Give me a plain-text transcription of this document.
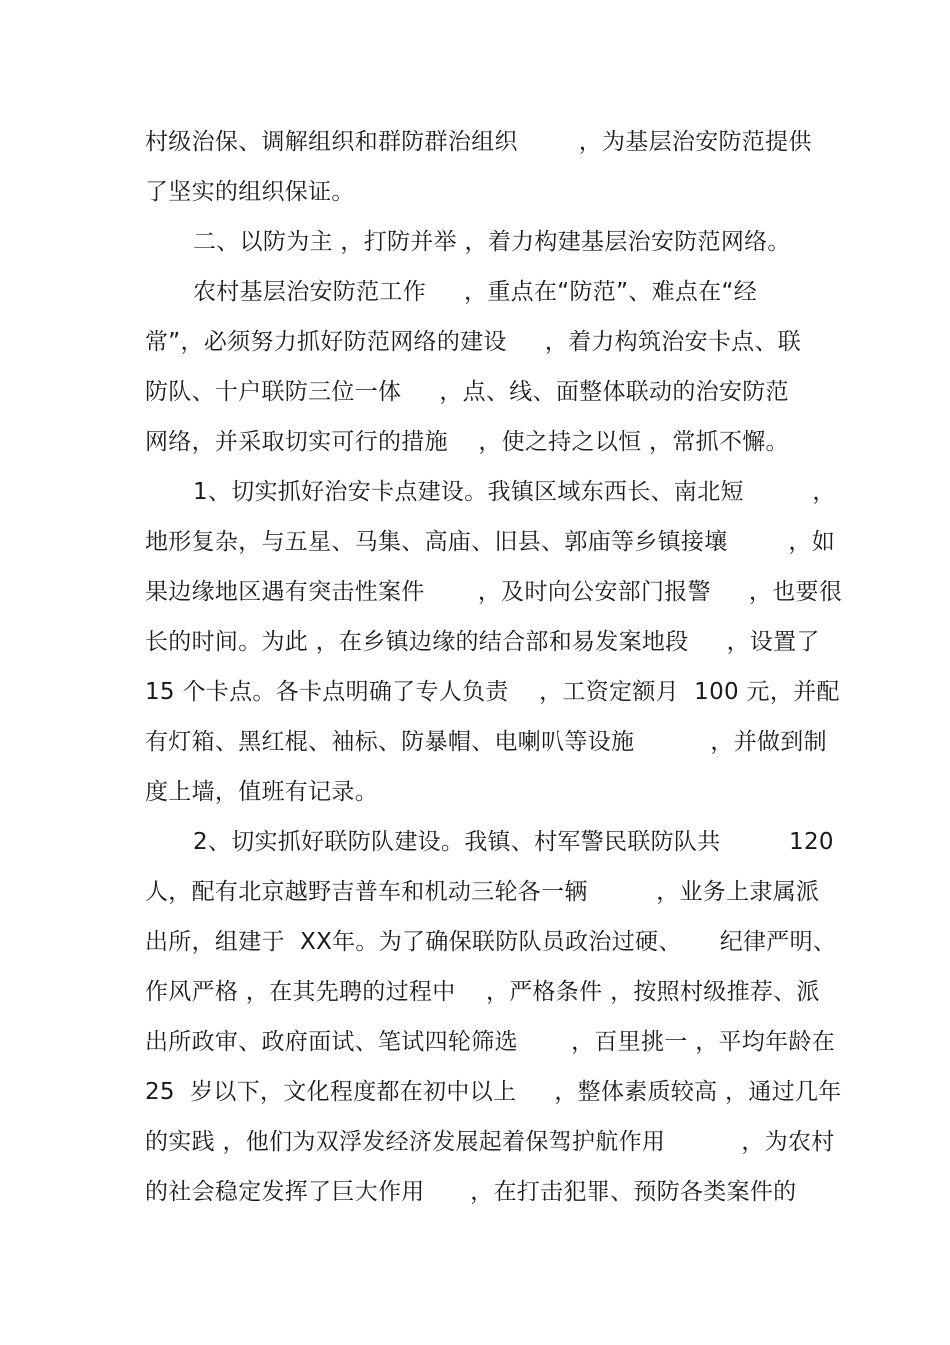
村级治保、调解组织和群防群治组织        ，为基层治安防范提供
了坚实的组织保证。
二、以防为主 ，打防并举 ，着力构建基层治安防范网络。
农村基层治安防范工作     ，重点在“防范”、难点在“经
常”，必须努力抓好防范网络的建设     ，着力构筑治安卡点、联
防队、十户联防三位一体     ，点、线、面整体联动的治安防范
网络，并采取切实可行的措施    ，使之持之以恒 ，常抓不懈。
1、切实抓好治安卡点建设。我镇区域东西长、南北短         ，
地形复杂，与五星、马集、高庙、旧县、郭庙等乡镇接壤        ，如
果边缘地区遇有突击性案件       ，及时向公安部门报警     ，也要很
长的时间。为此 ，在乡镇边缘的结合部和易发案地段     ，设置了
15 个卡点。各卡点明确了专人负责    ，工资定额月  100 元，并配
有灯箱、黑红棍、袖标、防暴帽、电喇叭等设施          ，并做到制
度上墙，值班有记录。
2、切实抓好联防队建设。我镇、村军警民联防队共         120
人，配有北京越野吉普车和机动三轮各一辆         ，业务上隶属派
出所，组建于  XX年。为了确保联防队员政治过硬、     纪律严明、
作风严格 ，在其先聘的过程中    ，严格条件 ，按照村级推荐、派
出所政审、政府面试、笔试四轮筛选       ，百里挑一 ，平均年龄在
25  岁以下，文化程度都在初中以上     ，整体素质较高 ，通过几年
的实践 ，他们为双浮发经济发展起着保驾护航作用          ，为农村
的社会稳定发挥了巨大作用      ，在打击犯罪、预防各类案件的
